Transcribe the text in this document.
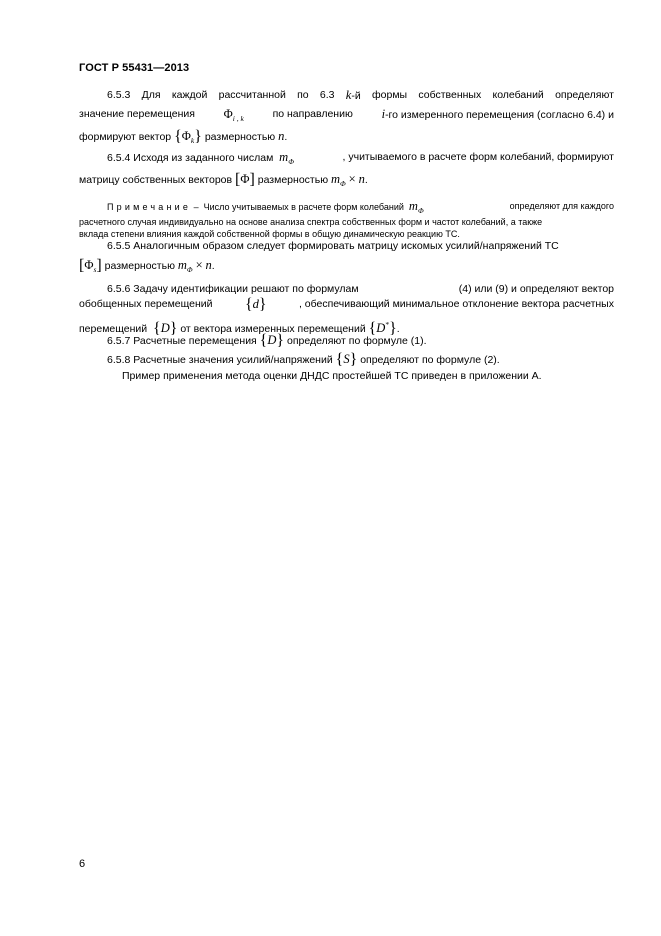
ГОСТ Р 55431—2013
6.5.3 Для каждой рассчитанной по 6.3 k-й формы собственных колебаний определяют
значение перемещения $\Phi_{i , k}$	по направлению i-го измеренного перемещения (согласно 6.4) и
формируют вектор $\{\Phi_k\}$ размерностью n.
6.5.4 Исходя из заданного числам $m_\Phi$	, учитываемого в расчете форм колебаний, формируют
матрицу собственных векторов [Φ] размерностью $m_\Phi \times n$.
Примечание – Число учитываемых в расчете форм колебаний $m_\Phi$	определяют для каждого
расчетного случая индивидуально на основе анализа спектра собственных форм и частот колебаний, а также
вклада степени влияния каждой собственной формы в общую динамическую реакцию ТС.
6.5.5 Аналогичным образом следует формировать матрицу искомых усилий/напряжений ТС
$[\Phi_s]$ размерностью $m_\Phi \times n$.
6.5.6 Задачу идентификации решают по формулам	(4) или (9) и определяют вектор
обобщенных перемещений {d}	, обеспечивающий минимальное отклонение вектора расчетных
перемещений {D} от вектора измеренных перемещений {D*}.
6.5.7 Расчетные перемещения {D} определяют по формуле (1).
6.5.8 Расчетные значения усилий/напряжений {S} определяют по формуле (2).
Пример применения метода оценки ДНДС простейшей ТС приведен в приложении А.
6
